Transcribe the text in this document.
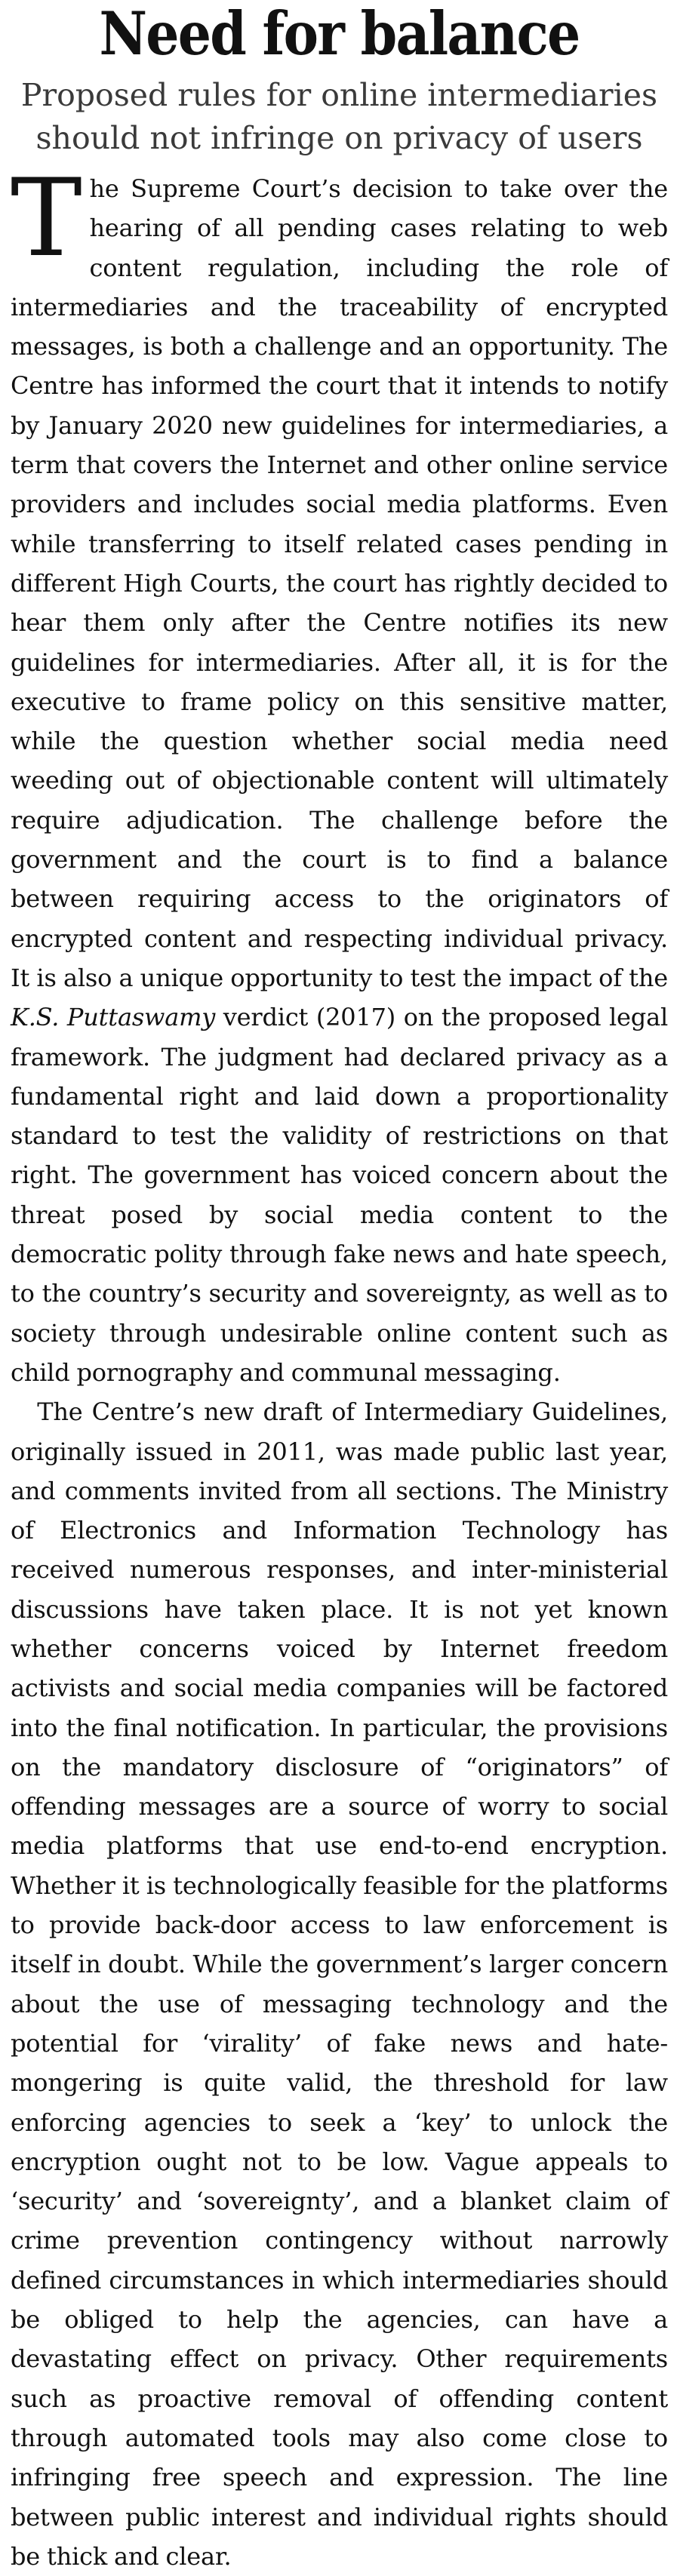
Need for balance
Proposed rules for online intermediaries
should not infringe on privacy of users

The Supreme Court’s decision to take over the hearing of all pending cases relating to web content regulation, including the role of intermediaries and the traceability of encrypted messages, is both a challenge and an opportunity. The Centre has informed the court that it intends to notify by January 2020 new guidelines for intermediaries, a term that covers the Internet and other online service providers and includes social media platforms. Even while transferring to itself related cases pending in different High Courts, the court has rightly decided to hear them only after the Centre notifies its new guidelines for intermediaries. After all, it is for the executive to frame policy on this sensitive matter, while the question whether social media need weeding out of objectionable content will ultimately require adjudication. The challenge before the government and the court is to find a balance between requiring access to the originators of encrypted content and respecting individual privacy. It is also a unique opportunity to test the impact of the K.S. Puttaswamy verdict (2017) on the proposed legal framework. The judgment had declared privacy as a fundamental right and laid down a proportionality standard to test the validity of restrictions on that right. The government has voiced concern about the threat posed by social media content to the democratic polity through fake news and hate speech, to the country’s security and sovereignty, as well as to society through undesirable online content such as child pornography and communal messaging.

The Centre’s new draft of Intermediary Guidelines, originally issued in 2011, was made public last year, and comments invited from all sections. The Ministry of Electronics and Information Technology has received numerous responses, and inter-ministerial discussions have taken place. It is not yet known whether concerns voiced by Internet freedom activists and social media companies will be factored into the final notification. In particular, the provisions on the mandatory disclosure of “originators” of offending messages are a source of worry to social media platforms that use end-to-end encryption. Whether it is technologically feasible for the platforms to provide back-door access to law enforcement is itself in doubt. While the government’s larger concern about the use of messaging technology and the potential for ‘virality’ of fake news and hate-mongering is quite valid, the threshold for law enforcing agencies to seek a ‘key’ to unlock the encryption ought not to be low. Vague appeals to ‘security’ and ‘sovereignty’, and a blanket claim of crime prevention contingency without narrowly defined circumstances in which intermediaries should be obliged to help the agencies, can have a devastating effect on privacy. Other requirements such as proactive removal of offending content through automated tools may also come close to infringing free speech and expression. The line between public interest and individual rights should be thick and clear.
